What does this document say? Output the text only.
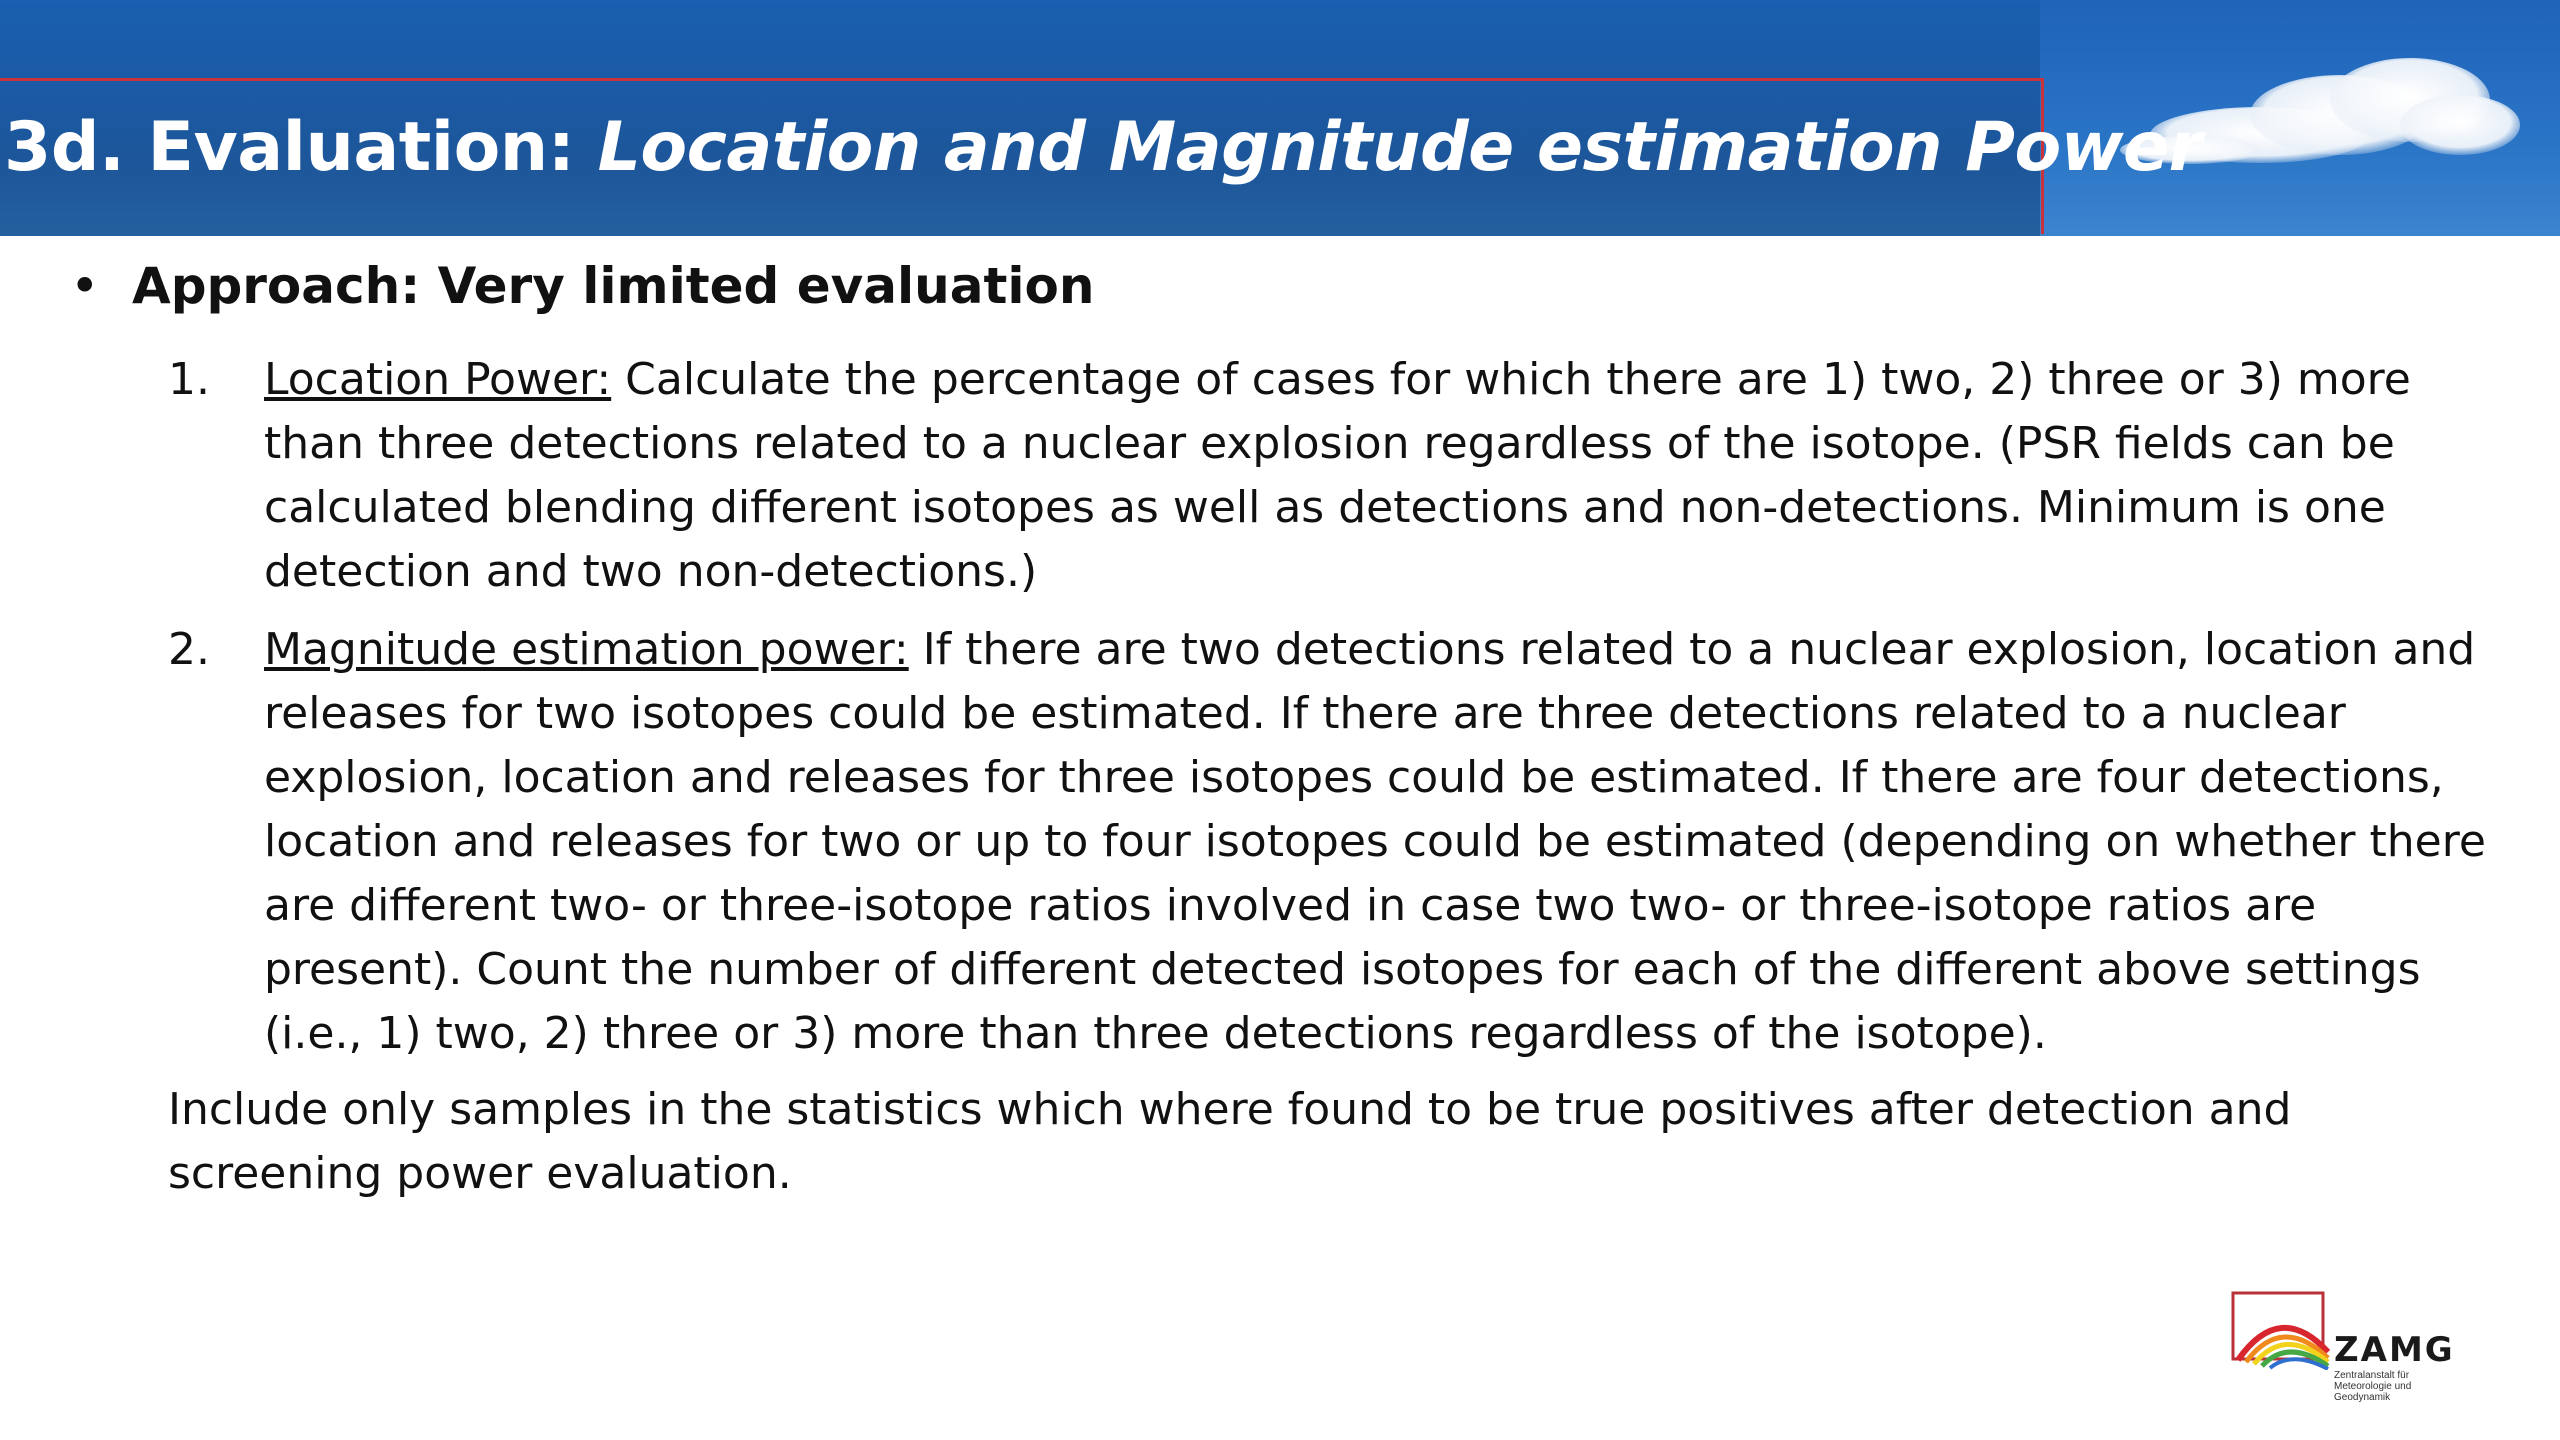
3d. Evaluation: Location and Magnitude estimation Power
• Approach: Very limited evaluation
1.	Location Power: Calculate the percentage of cases for which there are 1) two, 2) three or 3) more than three detections related to a nuclear explosion regardless of the isotope. (PSR fields can be calculated blending different isotopes as well as detections and non-detections. Minimum is one detection and two non-detections.)
2.	Magnitude estimation power: If there are two detections related to a nuclear explosion, location and releases for two isotopes could be estimated. If there are three detections related to a nuclear explosion, location and releases for three isotopes could be estimated. If there are four detections, location and releases for two or up to four isotopes could be estimated (depending on whether there are different two- or three-isotope ratios involved in case two two- or three-isotope ratios are present). Count the number of different detected isotopes for each of the different above settings (i.e., 1) two, 2) three or 3) more than three detections regardless of the isotope).
Include only samples in the statistics which where found to be true positives after detection and screening power evaluation.
ZAMG
Zentralanstalt für
Meteorologie und
Geodynamik
